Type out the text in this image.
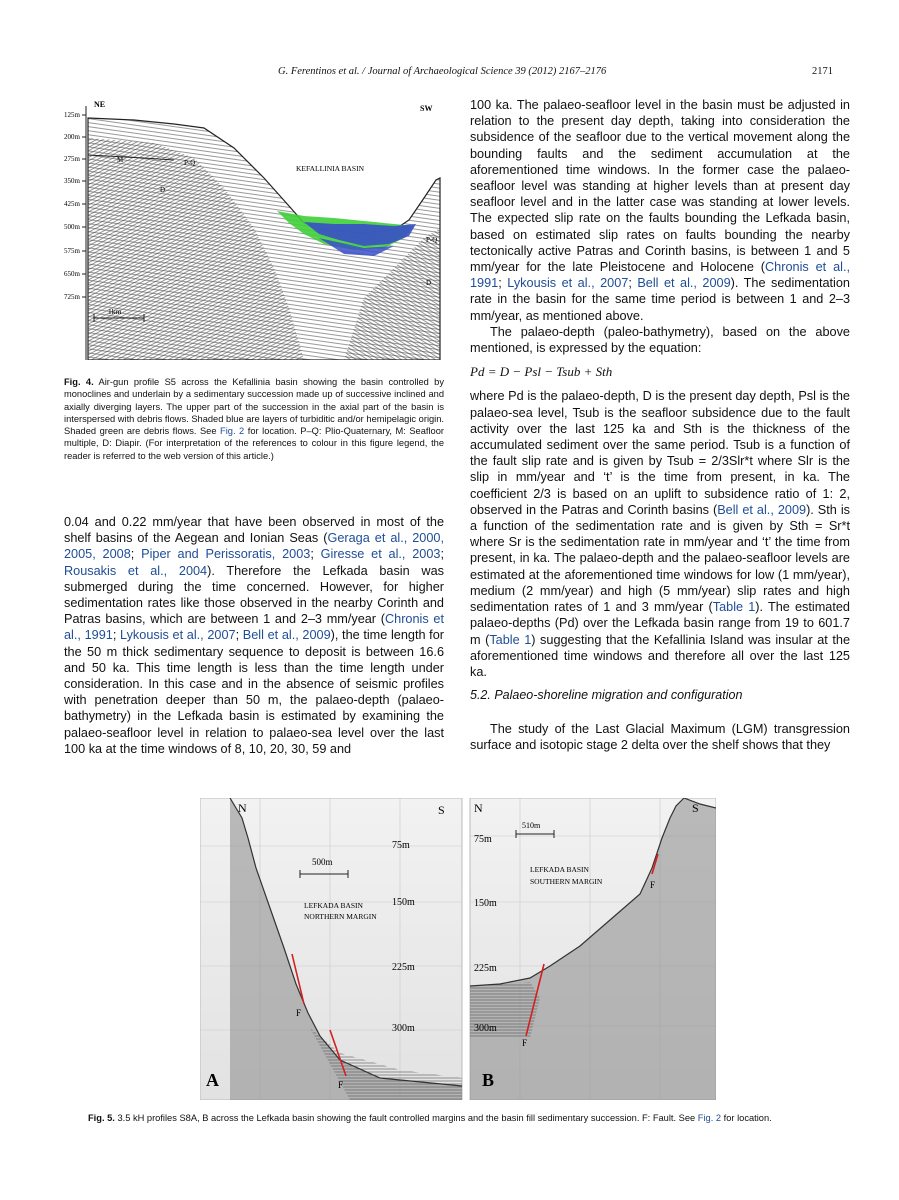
G. Ferentinos et al. / Journal of Archaeological Science 39 (2012) 2167–2176	2171
NE	SW
KEFALLINIA BASIN
M	P-Q
D
P-Q
D
1km
125m
200m
275m
350m
425m
500m
575m
650m
725m
Fig. 4. Air-gun profile S5 across the Kefallinia basin showing the basin controlled by monoclines and underlain by a sedimentary succession made up of successive inclined and axially diverging layers. The upper part of the succession in the axial part of the basin is interspersed with debris flows. Shaded blue are layers of turbiditic and/or hemipelagic origin. Shaded green are debris flows. See Fig. 2 for location. P–Q: Plio-Quaternary, M: Seafloor multiple, D: Diapir. (For interpretation of the references to colour in this figure legend, the reader is referred to the web version of this article.)

0.04 and 0.22 mm/year that have been observed in most of the shelf basins of the Aegean and Ionian Seas (Geraga et al., 2000, 2005, 2008; Piper and Perissoratis, 2003; Giresse et al., 2003; Rousakis et al., 2004). Therefore the Lefkada basin was submerged during the time concerned. However, for higher sedimentation rates like those observed in the nearby Corinth and Patras basins, which are between 1 and 2–3 mm/year (Chronis et al., 1991; Lykousis et al., 2007; Bell et al., 2009), the time length for the 50 m thick sedimentary sequence to deposit is between 16.6 and 50 ka. This time length is less than the time length under consideration. In this case and in the absence of seismic profiles with penetration deeper than 50 m, the palaeo-depth (palaeo-bathymetry) in the Lefkada basin is estimated by examining the palaeo-seafloor level in relation to palaeo-sea level over the last 100 ka at the time windows of 8, 10, 20, 30, 59 and

100 ka. The palaeo-seafloor level in the basin must be adjusted in relation to the present day depth, taking into consideration the subsidence of the seafloor due to the vertical movement along the bounding faults and the sediment accumulation at the aforementioned time windows. In the former case the palaeo-seafloor level was standing at higher levels than at present day seafloor level and in the latter case was standing at lower levels. The expected slip rate on the faults bounding the Lefkada basin, based on estimated slip rates on faults bounding the nearby tectonically active Patras and Corinth basins, is between 1 and 5 mm/year for the late Pleistocene and Holocene (Chronis et al., 1991; Lykousis et al., 2007; Bell et al., 2009). The sedimentation rate in the basin for the same time period is between 1 and 2–3 mm/year, as mentioned above.

The palaeo-depth (paleo-bathymetry), based on the above mentioned, is expressed by the equation:

Pd = D − Psl − Tsub + Sth

where Pd is the palaeo-depth, D is the present day depth, Psl is the palaeo-sea level, Tsub is the seafloor subsidence due to the fault activity over the last 125 ka and Sth is the thickness of the accumulated sediment over the same period. Tsub is a function of the fault slip rate and is given by Tsub = 2/3Slr*t where Slr is the slip in mm/year and ‘t’ is the time from present, in ka. The coefficient 2/3 is based on an uplift to subsidence ratio of 1: 2, observed in the Patras and Corinth basins (Bell et al., 2009). Sth is a function of the sedimentation rate and is given by Sth = Sr*t where Sr is the sedimentation rate in mm/year and ‘t’ the time from present, in ka. The palaeo-depth and the palaeo-seafloor levels are estimated at the aforementioned time windows for low (1 mm/year), medium (2 mm/year) and high (5 mm/year) slip rates and high sedimentation rates of 1 and 3 mm/year (Table 1). The estimated palaeo-depths (Pd) over the Lefkada basin range from 19 to 601.7 m (Table 1) suggesting that the Kefallinia Island was insular at the aforementioned time windows and therefore all over the last 125 ka.

5.2. Palaeo-shoreline migration and configuration

The study of the Last Glacial Maximum (LGM) transgression surface and isotopic stage 2 delta over the shelf shows that they

N	S
75m
150m
225m
300m
500m
LEFKADA BASIN
NORTHERN MARGIN
F
F
A
N	S
75m
150m
225m
300m
510m
LEFKADA BASIN
SOUTHERN MARGIN
F
F
B
Fig. 5. 3.5 kH profiles S8A, B across the Lefkada basin showing the fault controlled margins and the basin fill sedimentary succession. F: Fault. See Fig. 2 for location.
